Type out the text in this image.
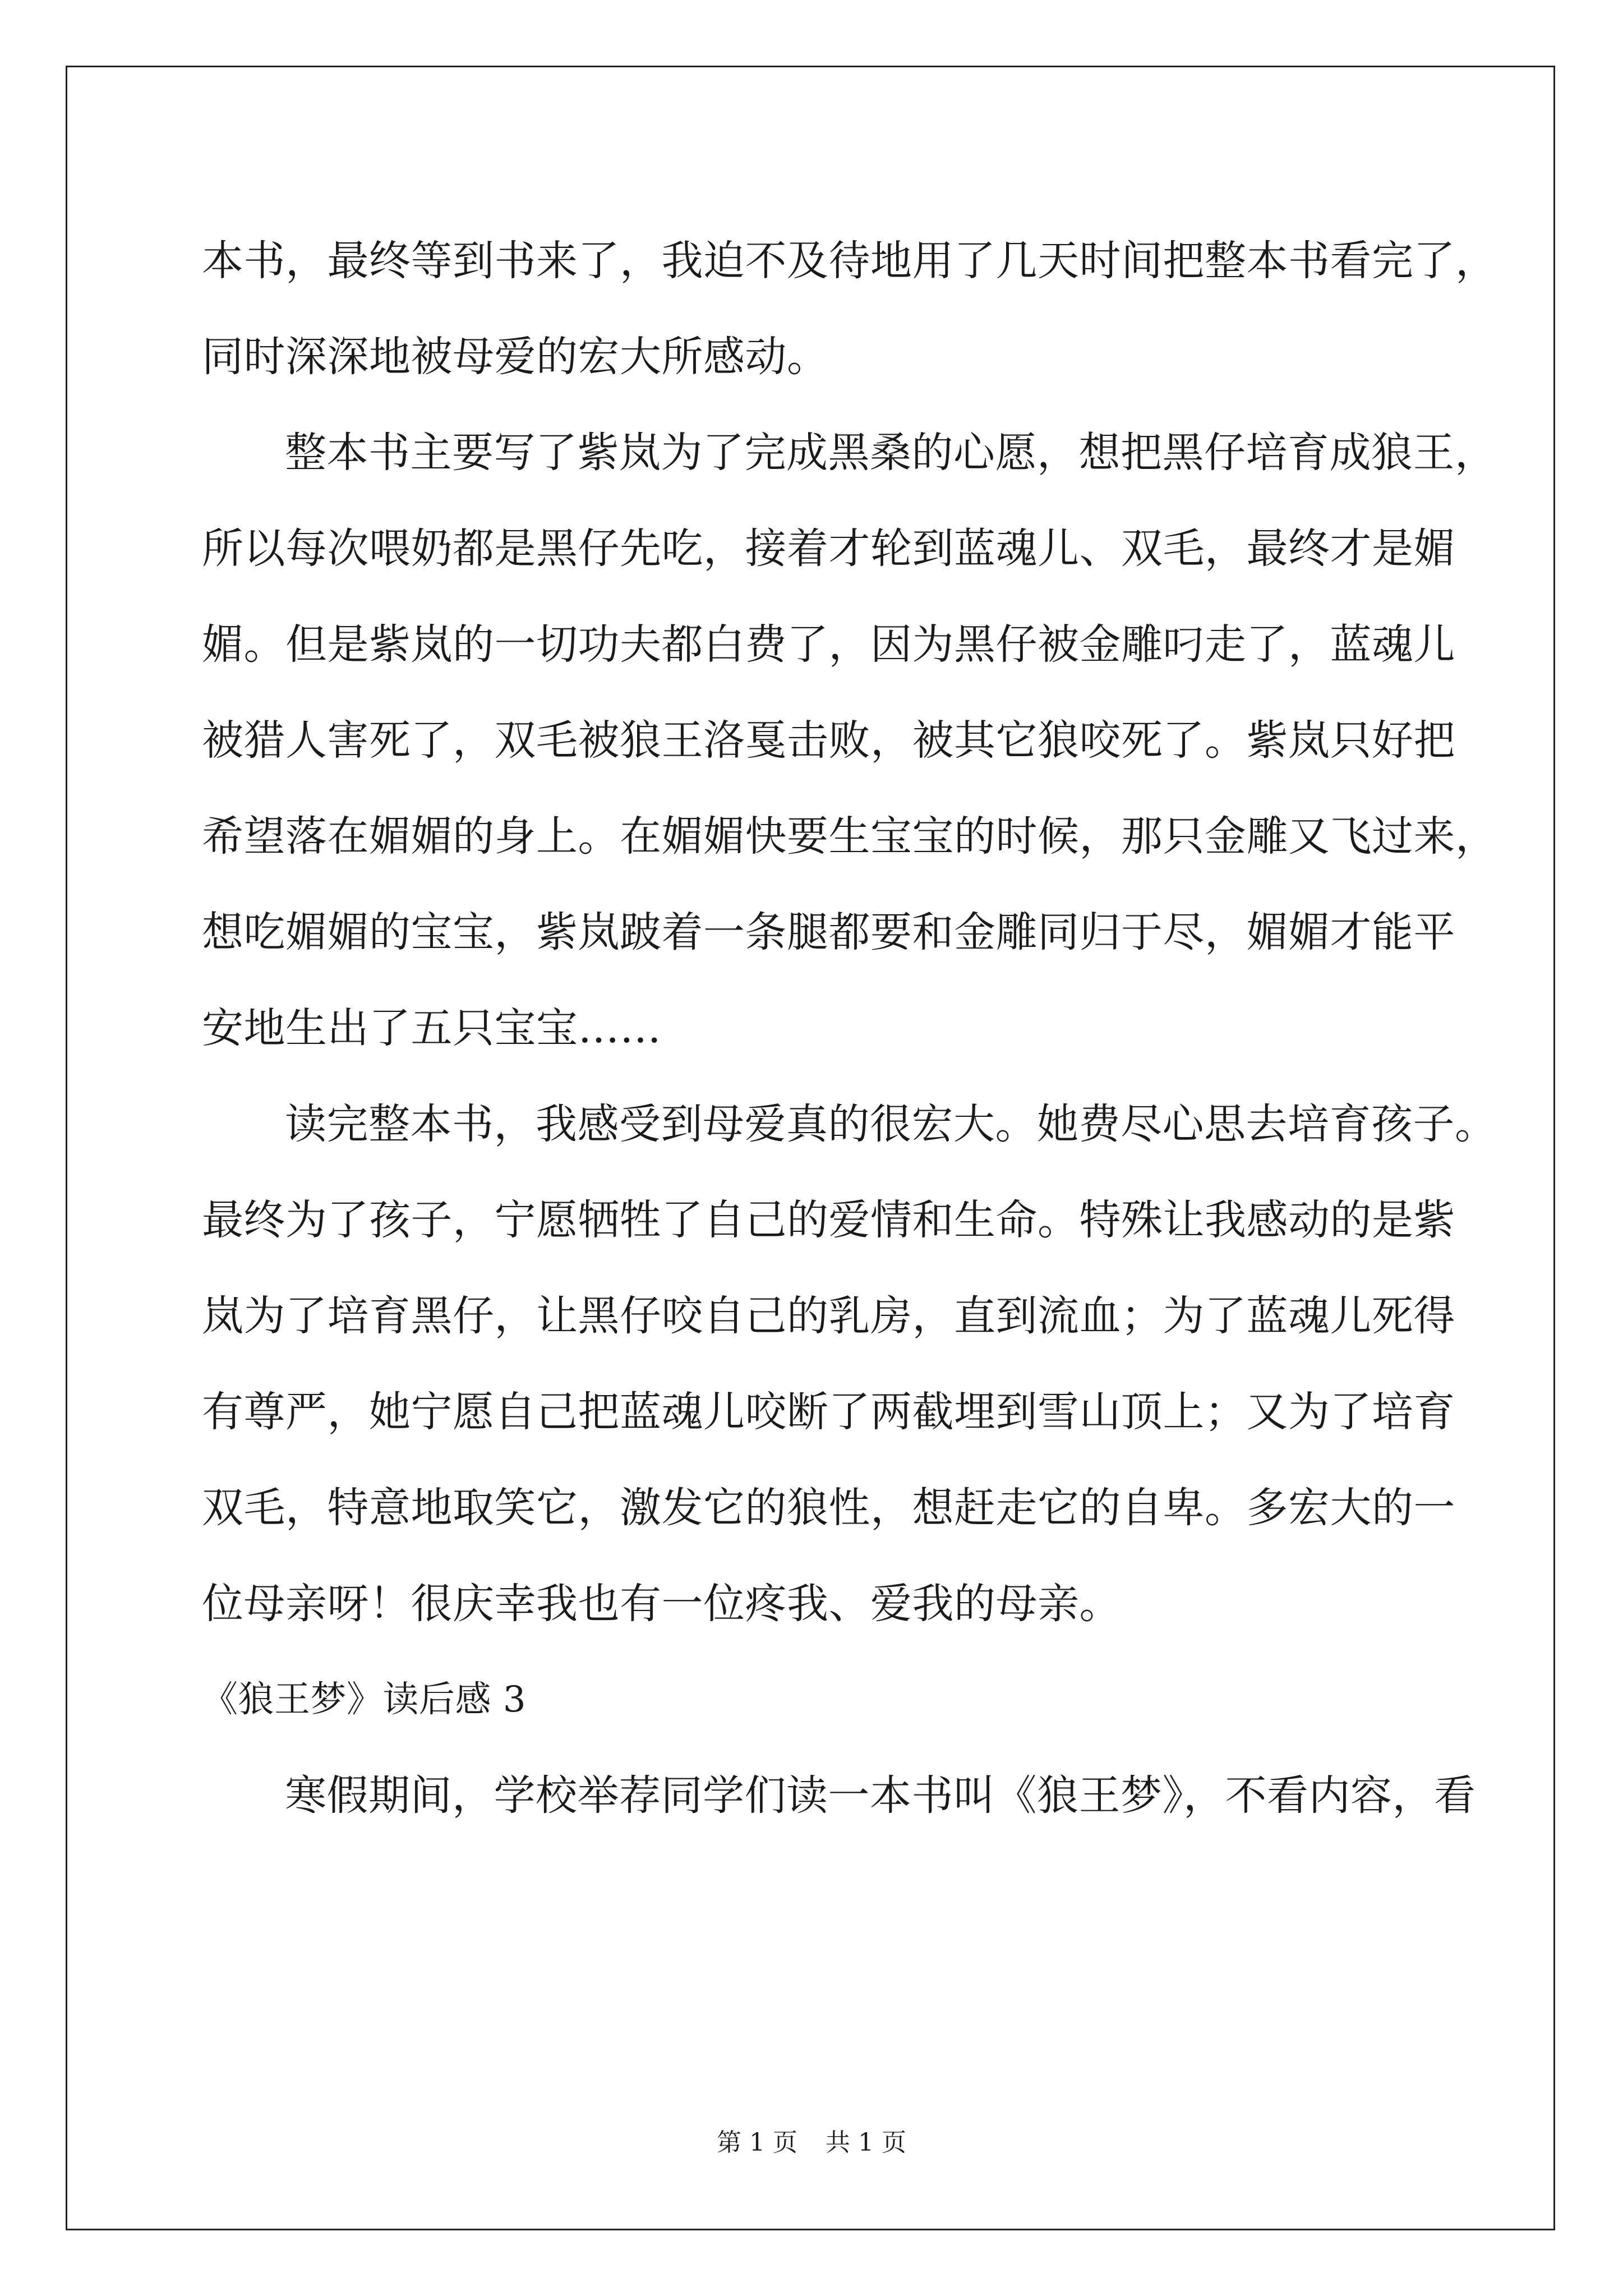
本书，最终等到书来了，我迫不及待地用了几天时间把整本书看完了，
同时深深地被母爱的宏大所感动。
整本书主要写了紫岚为了完成黑桑的心愿，想把黑仔培育成狼王，
所以每次喂奶都是黑仔先吃，接着才轮到蓝魂儿、双毛，最终才是媚
媚。但是紫岚的一切功夫都白费了，因为黑仔被金雕叼走了，蓝魂儿
被猎人害死了，双毛被狼王洛戛击败，被其它狼咬死了。紫岚只好把
希望落在媚媚的身上。在媚媚快要生宝宝的时候，那只金雕又飞过来，
想吃媚媚的宝宝，紫岚跛着一条腿都要和金雕同归于尽，媚媚才能平
安地生出了五只宝宝……
读完整本书，我感受到母爱真的很宏大。她费尽心思去培育孩子。
最终为了孩子，宁愿牺牲了自己的爱情和生命。特殊让我感动的是紫
岚为了培育黑仔，让黑仔咬自己的乳房，直到流血；为了蓝魂儿死得
有尊严，她宁愿自己把蓝魂儿咬断了两截埋到雪山顶上；又为了培育
双毛，特意地取笑它，激发它的狼性，想赶走它的自卑。多宏大的一
位母亲呀！很庆幸我也有一位疼我、爱我的母亲。
《狼王梦》读后感 3
寒假期间，学校举荐同学们读一本书叫《狼王梦》，不看内容，看
第 1 页 共 1 页
